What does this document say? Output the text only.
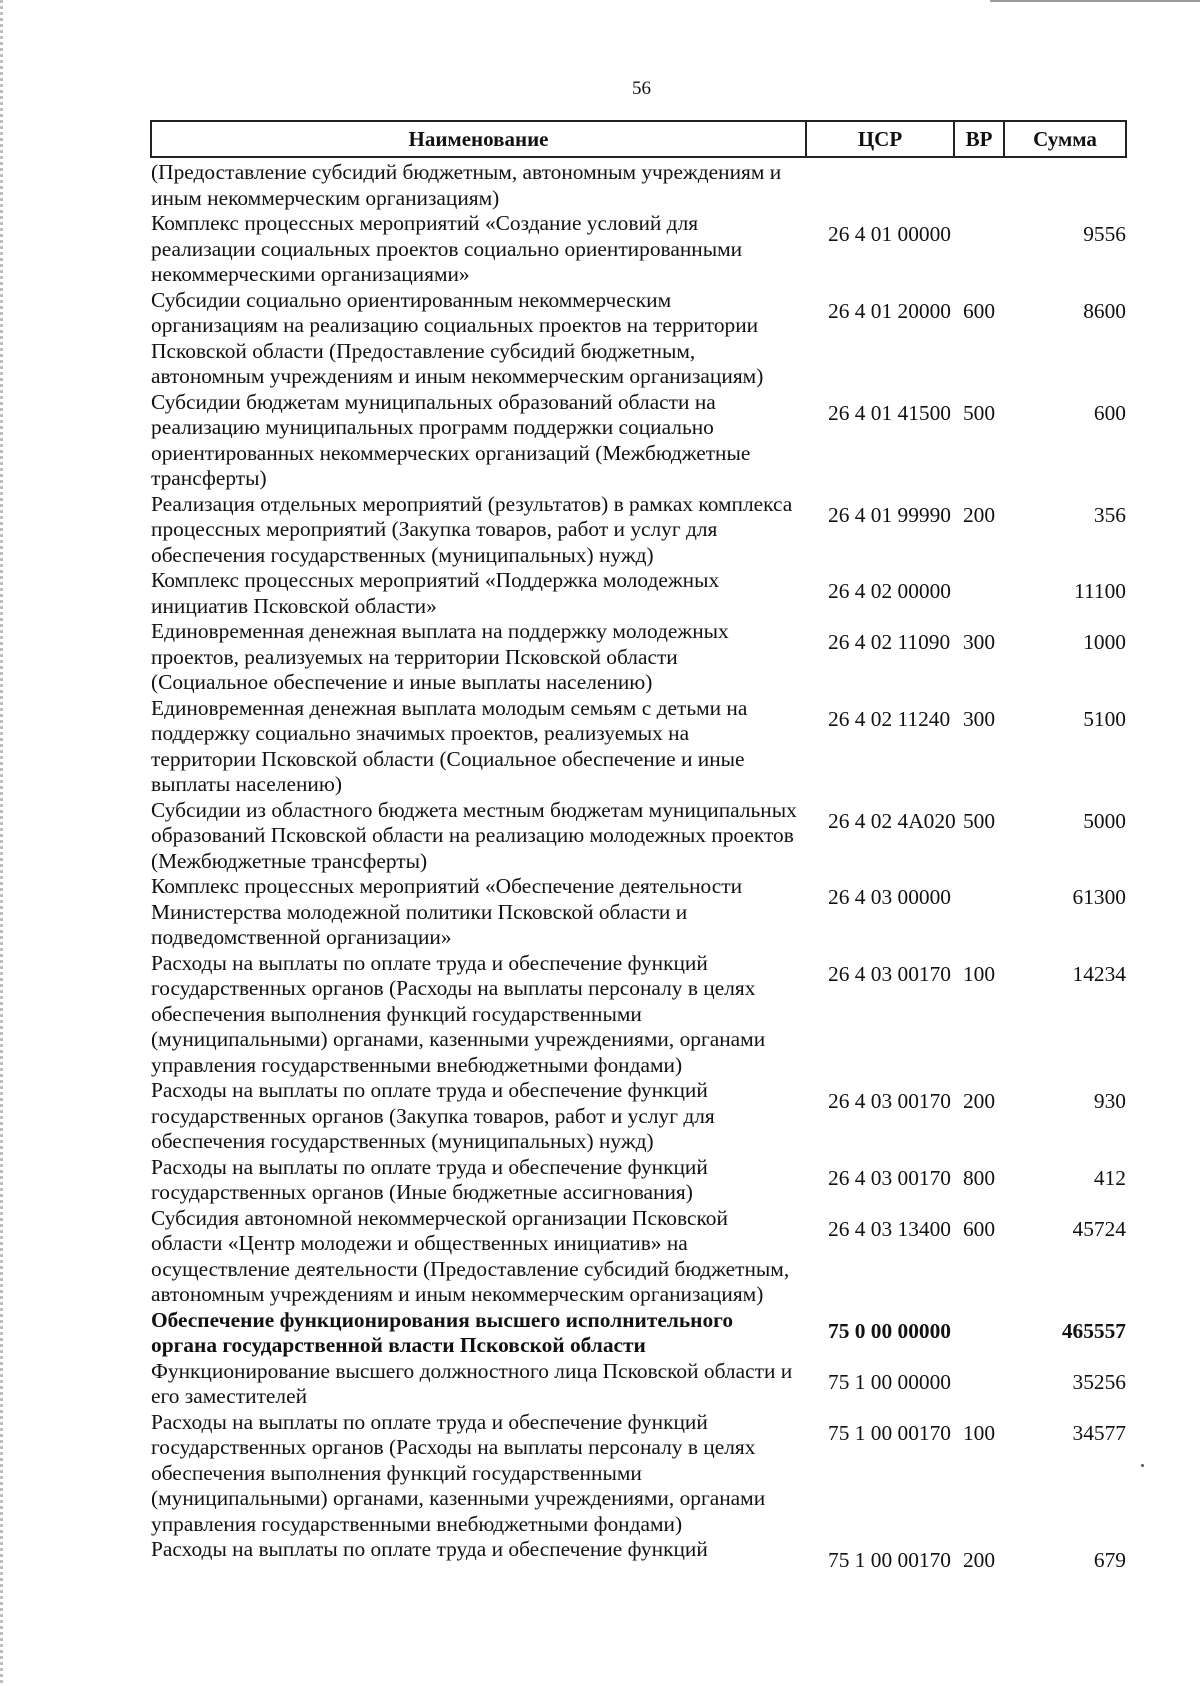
56
Наименование	ЦСР	ВР	Сумма
(Предоставление субсидий бюджетным, автономным учреждениям и иным некоммерческим организациям)			
Комплекс процессных мероприятий «Создание условий для реализации социальных проектов социально ориентированными некоммерческими организациями»	26 4 01 00000		9556
Субсидии социально ориентированным некоммерческим организациям на реализацию социальных проектов на территории Псковской области (Предоставление субсидий бюджетным, автономным учреждениям и иным некоммерческим организациям)	26 4 01 20000	600	8600
Субсидии бюджетам муниципальных образований области на реализацию муниципальных программ поддержки социально ориентированных некоммерческих организаций (Межбюджетные трансферты)	26 4 01 41500	500	600
Реализация отдельных мероприятий (результатов) в рамках комплекса процессных мероприятий (Закупка товаров, работ и услуг для обеспечения государственных (муниципальных) нужд)	26 4 01 99990	200	356
Комплекс процессных мероприятий «Поддержка молодежных инициатив Псковской области»	26 4 02 00000		11100
Единовременная денежная выплата на поддержку молодежных проектов, реализуемых на территории Псковской области (Социальное обеспечение и иные выплаты населению)	26 4 02 11090	300	1000
Единовременная денежная выплата молодым семьям с детьми на поддержку социально значимых проектов, реализуемых на территории Псковской области (Социальное обеспечение и иные выплаты населению)	26 4 02 11240	300	5100
Субсидии из областного бюджета местным бюджетам муниципальных образований Псковской области на реализацию молодежных проектов (Межбюджетные трансферты)	26 4 02 4А020	500	5000
Комплекс процессных мероприятий «Обеспечение деятельности Министерства молодежной политики Псковской области и подведомственной организации»	26 4 03 00000		61300
Расходы на выплаты по оплате труда и обеспечение функций государственных органов (Расходы на выплаты персоналу в целях обеспечения выполнения функций государственными (муниципальными) органами, казенными учреждениями, органами управления государственными внебюджетными фондами)	26 4 03 00170	100	14234
Расходы на выплаты по оплате труда и обеспечение функций государственных органов (Закупка товаров, работ и услуг для обеспечения государственных (муниципальных) нужд)	26 4 03 00170	200	930
Расходы на выплаты по оплате труда и обеспечение функций государственных органов (Иные бюджетные ассигнования)	26 4 03 00170	800	412
Субсидия автономной некоммерческой организации Псковской области «Центр молодежи и общественных инициатив» на осуществление деятельности (Предоставление субсидий бюджетным, автономным учреждениям и иным некоммерческим организациям)	26 4 03 13400	600	45724
Обеспечение функционирования высшего исполнительного органа государственной власти Псковской области	75 0 00 00000		465557
Функционирование высшего должностного лица Псковской области и его заместителей	75 1 00 00000		35256
Расходы на выплаты по оплате труда и обеспечение функций государственных органов (Расходы на выплаты персоналу в целях обеспечения выполнения функций государственными (муниципальными) органами, казенными учреждениями, органами управления государственными внебюджетными фондами)	75 1 00 00170	100	34577
Расходы на выплаты по оплате труда и обеспечение функций	75 1 00 00170	200	679
